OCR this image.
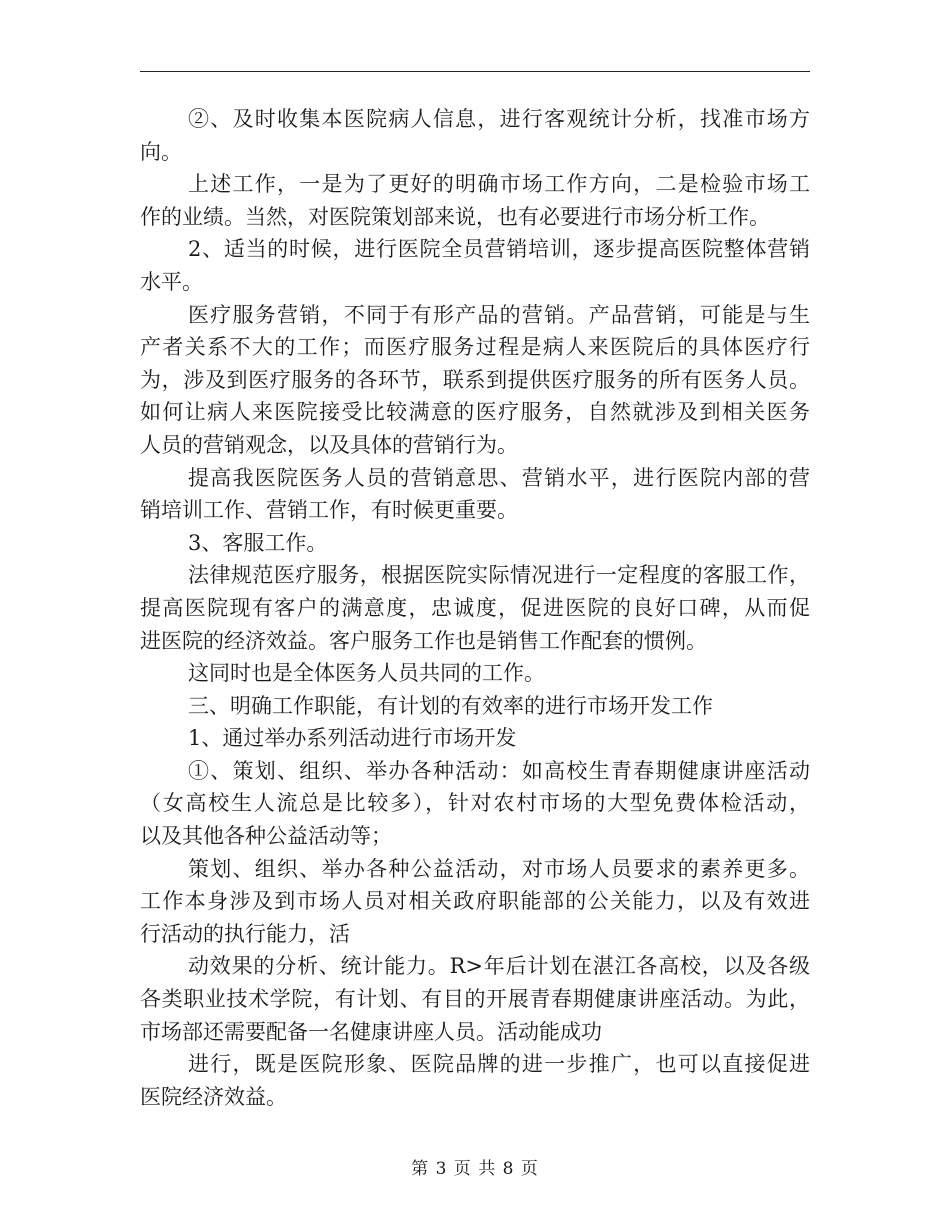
②、及时收集本医院病人信息，进行客观统计分析，找准市场方
向。
上述工作，一是为了更好的明确市场工作方向，二是检验市场工
作的业绩。当然，对医院策划部来说，也有必要进行市场分析工作。
2、适当的时候，进行医院全员营销培训，逐步提高医院整体营销
水平。
医疗服务营销，不同于有形产品的营销。产品营销，可能是与生
产者关系不大的工作；而医疗服务过程是病人来医院后的具体医疗行
为，涉及到医疗服务的各环节，联系到提供医疗服务的所有医务人员。
如何让病人来医院接受比较满意的医疗服务，自然就涉及到相关医务
人员的营销观念，以及具体的营销行为。
提高我医院医务人员的营销意思、营销水平，进行医院内部的营
销培训工作、营销工作，有时候更重要。
3、客服工作。
法律规范医疗服务，根据医院实际情况进行一定程度的客服工作，
提高医院现有客户的满意度，忠诚度，促进医院的良好口碑，从而促
进医院的经济效益。客户服务工作也是销售工作配套的惯例。
这同时也是全体医务人员共同的工作。
三、明确工作职能，有计划的有效率的进行市场开发工作
1、通过举办系列活动进行市场开发
①、策划、组织、举办各种活动：如高校生青春期健康讲座活动
（女高校生人流总是比较多），针对农村市场的大型免费体检活动，
以及其他各种公益活动等；
策划、组织、举办各种公益活动，对市场人员要求的素养更多。
工作本身涉及到市场人员对相关政府职能部的公关能力，以及有效进
行活动的执行能力，活
动效果的分析、统计能力。R>年后计划在湛江各高校，以及各级
各类职业技术学院，有计划、有目的开展青春期健康讲座活动。为此，
市场部还需要配备一名健康讲座人员。活动能成功
进行，既是医院形象、医院品牌的进一步推广，也可以直接促进
医院经济效益。
第 3 页 共 8 页
